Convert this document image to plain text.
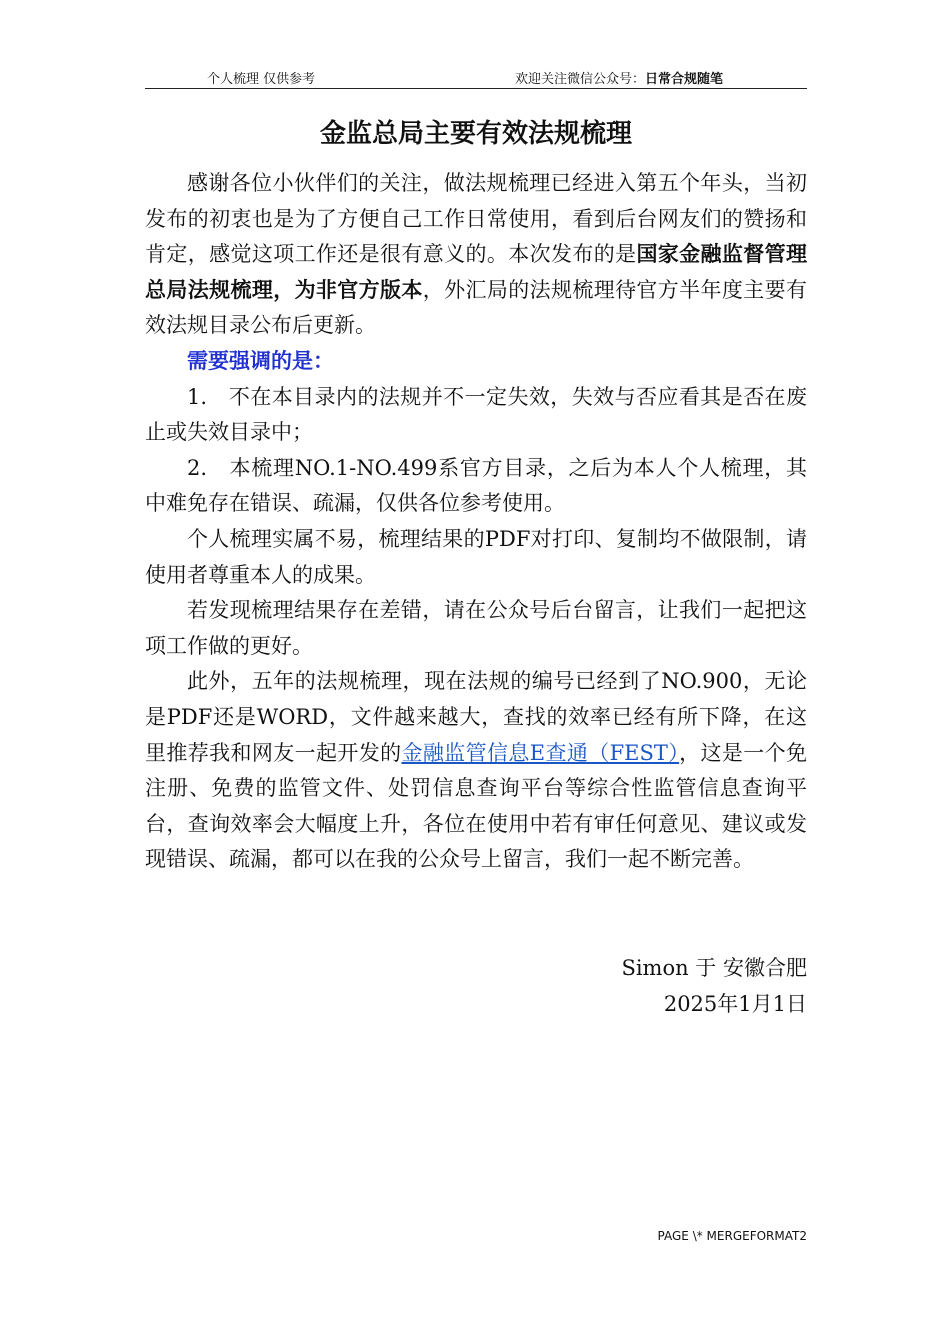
个人梳理 仅供参考	欢迎关注微信公众号：日常合规随笔
金监总局主要有效法规梳理

感谢各位小伙伴们的关注，做法规梳理已经进入第五个年头，当初发布的初衷也是为了方便自己工作日常使用，看到后台网友们的赞扬和肯定，感觉这项工作还是很有意义的。本次发布的是国家金融监督管理总局法规梳理，为非官方版本，外汇局的法规梳理待官方半年度主要有效法规目录公布后更新。

需要强调的是：

1.　不在本目录内的法规并不一定失效，失效与否应看其是否在废止或失效目录中；

2.　本梳理NO.1-NO.499系官方目录，之后为本人个人梳理，其中难免存在错误、疏漏，仅供各位参考使用。

个人梳理实属不易，梳理结果的PDF对打印、复制均不做限制，请使用者尊重本人的成果。

若发现梳理结果存在差错，请在公众号后台留言，让我们一起把这项工作做的更好。

此外，五年的法规梳理，现在法规的编号已经到了NO.900，无论是PDF还是WORD，文件越来越大，查找的效率已经有所下降，在这里推荐我和网友一起开发的金融监管信息E查通（FEST），这是一个免注册、免费的监管文件、处罚信息查询平台等综合性监管信息查询平台，查询效率会大幅度上升，各位在使用中若有审任何意见、建议或发现错误、疏漏，都可以在我的公众号上留言，我们一起不断完善。

Simon 于 安徽合肥
2025年1月1日
PAGE \* MERGEFORMAT2
